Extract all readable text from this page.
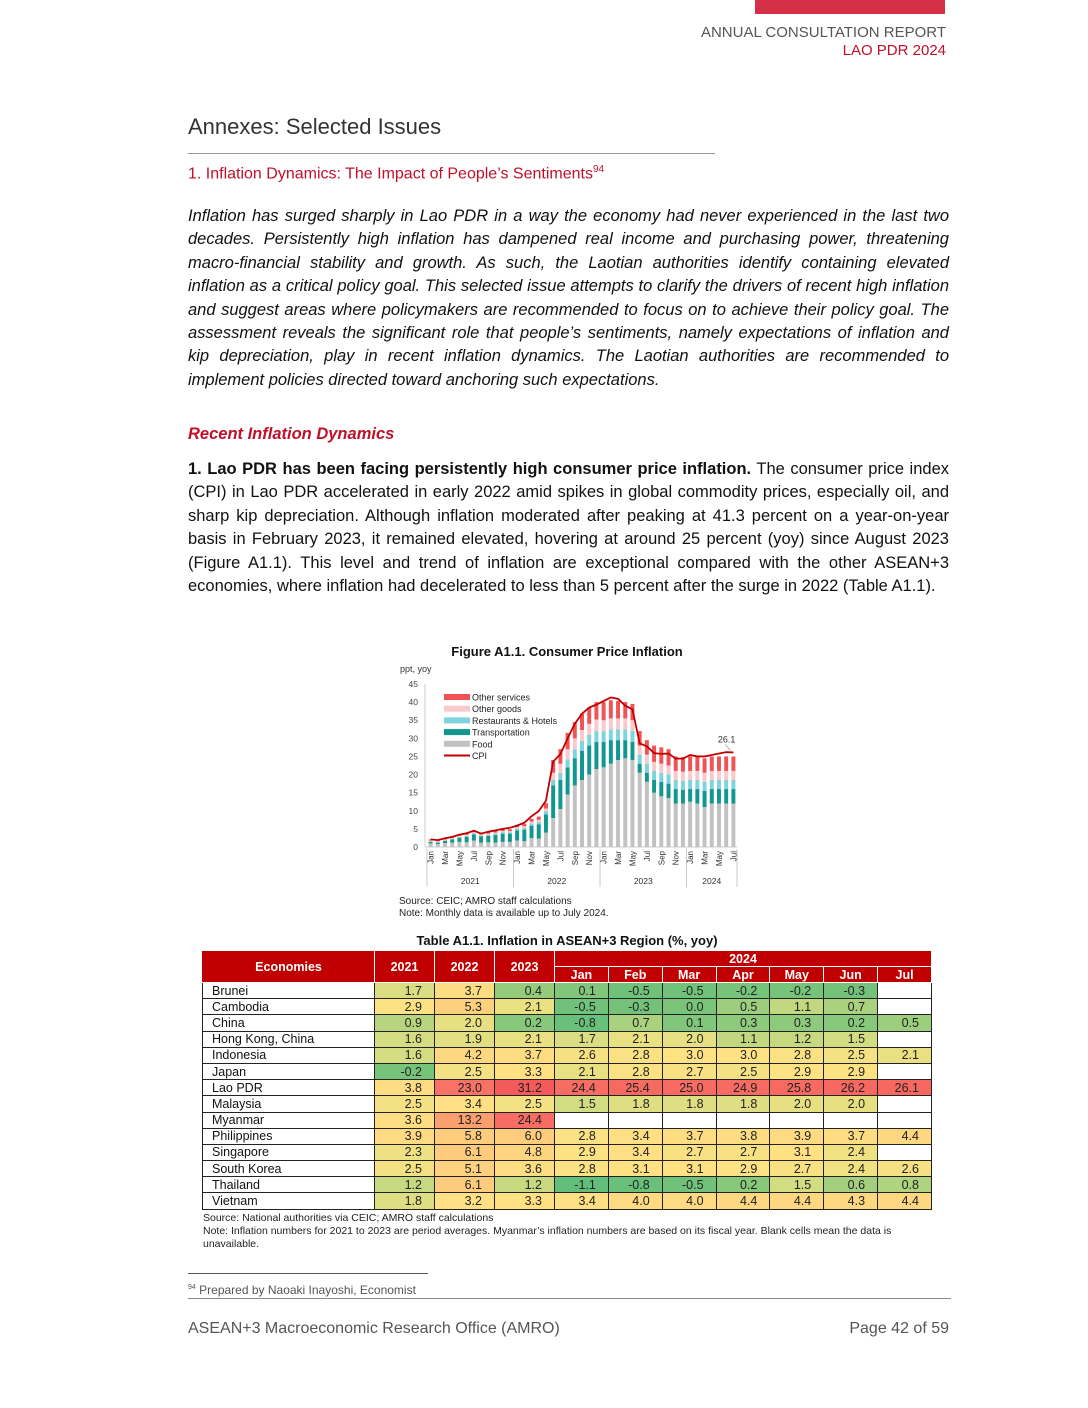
ANNUAL CONSULTATION REPORT
LAO PDR 2024
Annexes: Selected Issues
1. Inflation Dynamics: The Impact of People’s Sentiments$^{94}$

Inflation has surged sharply in Lao PDR in a way the economy had never experienced in the last two decades. Persistently high inflation has dampened real income and purchasing power, threatening macro-financial stability and growth. As such, the Laotian authorities identify containing elevated inflation as a critical policy goal. This selected issue attempts to clarify the drivers of recent high inflation and suggest areas where policymakers are recommended to focus on to achieve their policy goal. The assessment reveals the significant role that people’s sentiments, namely expectations of inflation and kip depreciation, play in recent inflation dynamics. The Laotian authorities are recommended to implement policies directed toward anchoring such expectations.

Recent Inflation Dynamics

1. Lao PDR has been facing persistently high consumer price inflation. The consumer price index (CPI) in Lao PDR accelerated in early 2022 amid spikes in global commodity prices, especially oil, and sharp kip depreciation. Although inflation moderated after peaking at 41.3 percent on a year-on-year basis in February 2023, it remained elevated, hovering at around 25 percent (yoy) since August 2023 (Figure A1.1). This level and trend of inflation are exceptional compared with the other ASEAN+3 economies, where inflation had decelerated to less than 5 percent after the surge in 2022 (Table A1.1).

Figure A1.1. Consumer Price Inflation
ppt, yoy
0
5
10
15
20
25
30
35
40
45
26.1
Other services
Other goods
Restaurants & Hotels
Transportation
Food
CPI
Jan Mar May Jul Sep Nov Jan Mar May Jul Sep Nov Jan Mar May Jul Sep Nov Jan Mar May Jul
2021	2022	2023	2024
Source: CEIC; AMRO staff calculations
Note: Monthly data is available up to July 2024.
Table A1.1. Inflation in ASEAN+3 Region (%, yoy)
Economies	2021	2022	2023	2024						
				Jan	Feb	Mar	Apr	May	Jun	Jul
Brunei	1.7	3.7	0.4	0.1	-0.5	-0.5	-0.2	-0.2	-0.3	
Cambodia	2.9	5.3	2.1	-0.5	-0.3	0.0	0.5	1.1	0.7	
China	0.9	2.0	0.2	-0.8	0.7	0.1	0.3	0.3	0.2	0.5
Hong Kong, China	1.6	1.9	2.1	1.7	2.1	2.0	1.1	1.2	1.5	
Indonesia	1.6	4.2	3.7	2.6	2.8	3.0	3.0	2.8	2.5	2.1
Japan	-0.2	2.5	3.3	2.1	2.8	2.7	2.5	2.9	2.9	
Lao PDR	3.8	23.0	31.2	24.4	25.4	25.0	24.9	25.8	26.2	26.1
Malaysia	2.5	3.4	2.5	1.5	1.8	1.8	1.8	2.0	2.0	
Myanmar	3.6	13.2	24.4							
Philippines	3.9	5.8	6.0	2.8	3.4	3.7	3.8	3.9	3.7	4.4
Singapore	2.3	6.1	4.8	2.9	3.4	2.7	2.7	3.1	2.4	
South Korea	2.5	5.1	3.6	2.8	3.1	3.1	2.9	2.7	2.4	2.6
Thailand	1.2	6.1	1.2	-1.1	-0.8	-0.5	0.2	1.5	0.6	0.8
Vietnam	1.8	3.2	3.3	3.4	4.0	4.0	4.4	4.4	4.3	4.4
Source: National authorities via CEIC; AMRO staff calculations
Note: Inflation numbers for 2021 to 2023 are period averages. Myanmar’s inflation numbers are based on its fiscal year. Blank cells mean the data is unavailable.
$^{94}$ Prepared by Naoaki Inayoshi, Economist
ASEAN+3 Macroeconomic Research Office (AMRO)	Page 42 of 59
